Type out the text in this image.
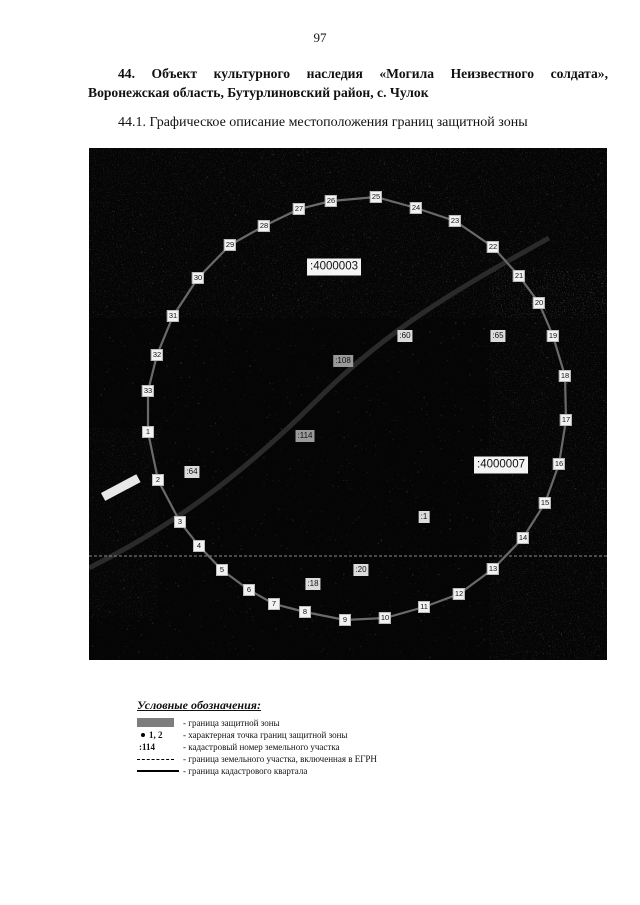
97
44. Объект культурного наследия «Могила Неизвестного солдата», Воронежская область, Бутурлиновский район, с. Чулок
44.1. Графическое описание местоположения границ защитной зоны
1
2
3
4
5
6
7
8
9	10
11
12
13
14
15
16
17
18
19
20
21
22
23
24
25
26
27
28
29
30
31
32
33
:4000003
:4000007
:60	:65
:108
:114
:64
:1
:18
:20
Условные обозначения:
- граница защитной зоны
1, 2 - характерная точка границ защитной зоны
:114	- кадастровый номер земельного участка
- граница земельного участка, включенная в ЕГРН
- граница кадастрового квартала
